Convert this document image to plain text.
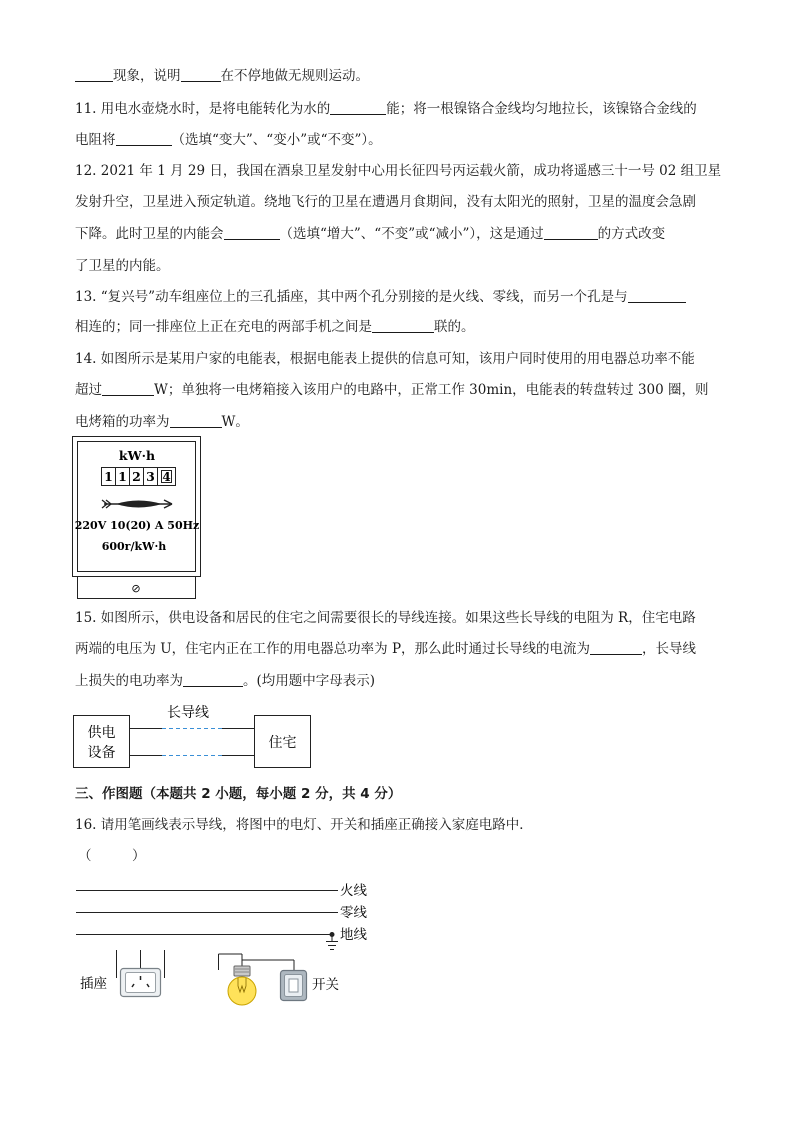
现象，说明	在不停地做无规则运动。
11. 用电水壶烧水时，是将电能转化为水的	能；将一根镍铬合金线均匀地拉长，该镍铬合金线的
电阻将	（选填“变大”、“变小”或“不变”）。
12. 2021 年 1 月 29 日，我国在酒泉卫星发射中心用长征四号丙运载火箭，成功将遥感三十一号 02 组卫星
发射升空，卫星进入预定轨道。绕地飞行的卫星在遭遇月食期间，没有太阳光的照射，卫星的温度会急剧
下降。此时卫星的内能会	（选填“增大”、“不变”或“减小”），这是通过	的方式改变
了卫星的内能。
13. “复兴号”动车组座位上的三孔插座，其中两个孔分别接的是火线、零线，而另一个孔是与
相连的；同一排座位上正在充电的两部手机之间是	联的。
14. 如图所示是某用户家的电能表，根据电能表上提供的信息可知，该用户同时使用的用电器总功率不能
超过	W；单独将一电烤箱接入该用户的电路中，正常工作 30min，电能表的转盘转过 300 圈，则
电烤箱的功率为	W。
kW·h
1 1 2 3 4
220V 10(20) A 50Hz
600r/kW·h
⊘
15. 如图所示，供电设备和居民的住宅之间需要很长的导线连接。如果这些长导线的电阻为 R，住宅电路
两端的电压为 U，住宅内正在工作的用电器总功率为 P，那么此时通过长导线的电流为	，长导线
上损失的电功率为	。(均用题中字母表示)
供电
设备
长导线
住宅
三、作图题（本题共 2 小题，每小题 2 分，共 4 分）
16. 请用笔画线表示导线，将图中的电灯、开关和插座正确接入家庭电路中．
（　　　）
火线
零线
地线
插座	开关
